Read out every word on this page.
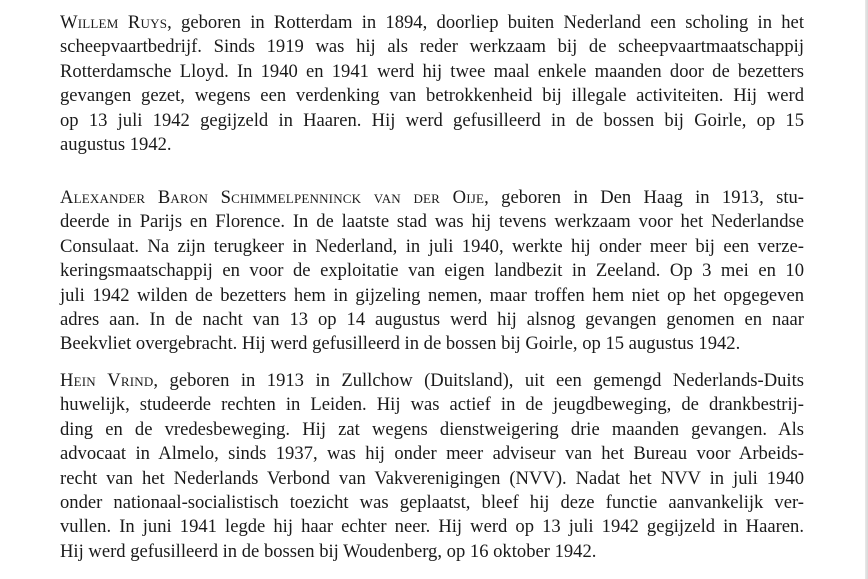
Willem Ruys, geboren in Rotterdam in 1894, doorliep buiten Nederland een scholing in het
scheepvaartbedrijf. Sinds 1919 was hij als reder werkzaam bij de scheepvaartmaatschappij
Rotterdamsche Lloyd. In 1940 en 1941 werd hij twee maal enkele maanden door de bezetters
gevangen gezet, wegens een verdenking van betrokkenheid bij illegale activiteiten. Hij werd
op 13 juli 1942 gegijzeld in Haaren. Hij werd gefusilleerd in de bossen bij Goirle, op 15
augustus 1942.
Alexander Baron Schimmelpenninck van der Oije, geboren in Den Haag in 1913, stu-
deerde in Parijs en Florence. In de laatste stad was hij tevens werkzaam voor het Nederlandse
Consulaat. Na zijn terugkeer in Nederland, in juli 1940, werkte hij onder meer bij een verze-
keringsmaatschappij en voor de exploitatie van eigen landbezit in Zeeland. Op 3 mei en 10
juli 1942 wilden de bezetters hem in gijzeling nemen, maar troffen hem niet op het opgegeven
adres aan. In de nacht van 13 op 14 augustus werd hij alsnog gevangen genomen en naar
Beekvliet overgebracht. Hij werd gefusilleerd in de bossen bij Goirle, op 15 augustus 1942.
Hein Vrind, geboren in 1913 in Zullchow (Duitsland), uit een gemengd Nederlands-Duits
huwelijk, studeerde rechten in Leiden. Hij was actief in de jeugdbeweging, de drankbestrij-
ding en de vredesbeweging. Hij zat wegens dienstweigering drie maanden gevangen. Als
advocaat in Almelo, sinds 1937, was hij onder meer adviseur van het Bureau voor Arbeids-
recht van het Nederlands Verbond van Vakverenigingen (NVV). Nadat het NVV in juli 1940
onder nationaal-socialistisch toezicht was geplaatst, bleef hij deze functie aanvankelijk ver-
vullen. In juni 1941 legde hij haar echter neer. Hij werd op 13 juli 1942 gegijzeld in Haaren.
Hij werd gefusilleerd in de bossen bij Woudenberg, op 16 oktober 1942.
